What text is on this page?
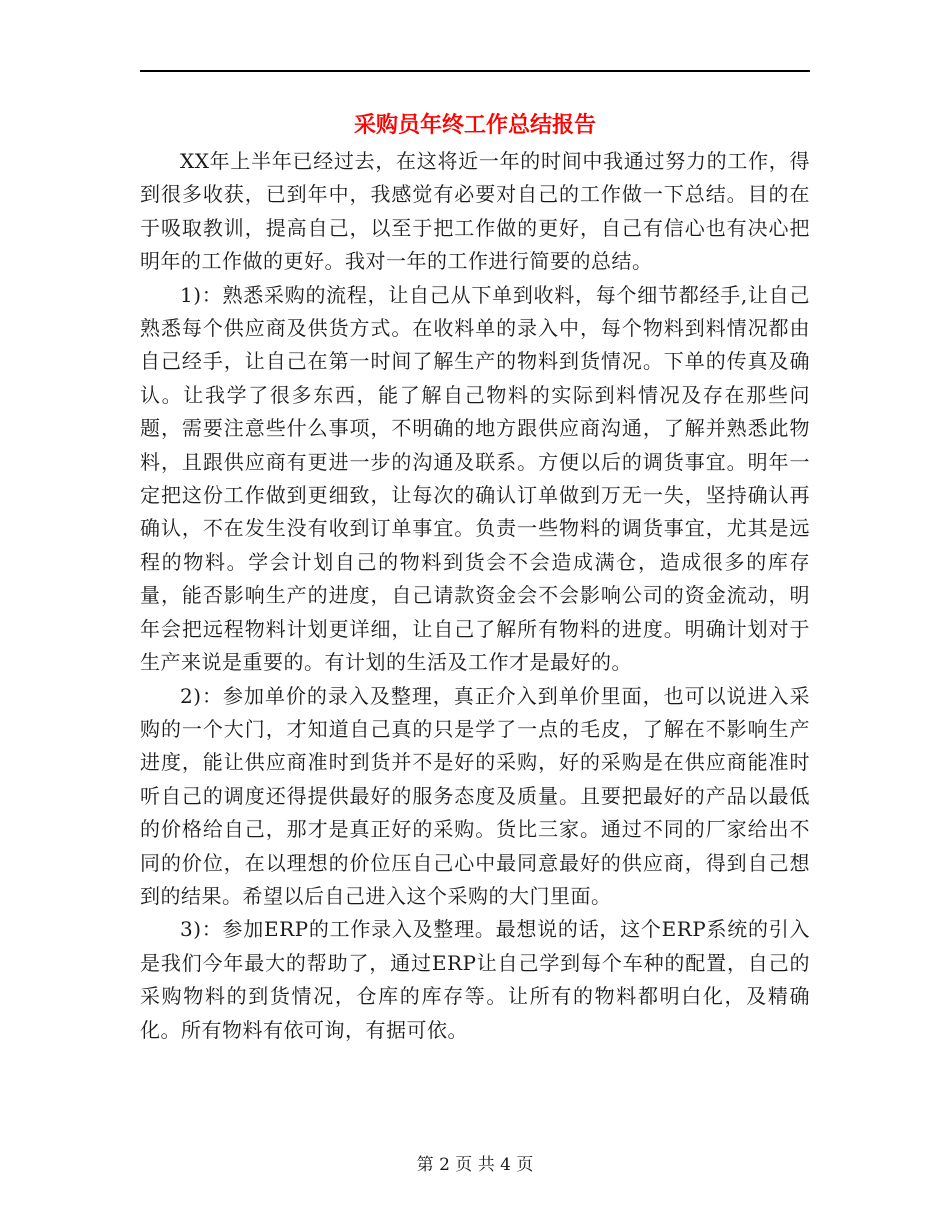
采购员年终工作总结报告

XX年上半年已经过去，在这将近一年的时间中我通过努力的工作，得到很多收获，已到年中，我感觉有必要对自己的工作做一下总结。目的在于吸取教训，提高自己，以至于把工作做的更好，自己有信心也有决心把明年的工作做的更好。我对一年的工作进行简要的总结。

1)：熟悉采购的流程，让自己从下单到收料，每个细节都经手,让自己熟悉每个供应商及供货方式。在收料单的录入中，每个物料到料情况都由自己经手，让自己在第一时间了解生产的物料到货情况。下单的传真及确认。让我学了很多东西，能了解自己物料的实际到料情况及存在那些问题，需要注意些什么事项，不明确的地方跟供应商沟通，了解并熟悉此物料，且跟供应商有更进一步的沟通及联系。方便以后的调货事宜。明年一定把这份工作做到更细致，让每次的确认订单做到万无一失，坚持确认再确认，不在发生没有收到订单事宜。负责一些物料的调货事宜，尤其是远程的物料。学会计划自己的物料到货会不会造成满仓，造成很多的库存量，能否影响生产的进度，自己请款资金会不会影响公司的资金流动，明年会把远程物料计划更详细，让自己了解所有物料的进度。明确计划对于生产来说是重要的。有计划的生活及工作才是最好的。

2)：参加单价的录入及整理，真正介入到单价里面，也可以说进入采购的一个大门，才知道自己真的只是学了一点的毛皮，了解在不影响生产进度，能让供应商准时到货并不是好的采购，好的采购是在供应商能准时听自己的调度还得提供最好的服务态度及质量。且要把最好的产品以最低的价格给自己，那才是真正好的采购。货比三家。通过不同的厂家给出不同的价位，在以理想的价位压自己心中最同意最好的供应商，得到自己想到的结果。希望以后自己进入这个采购的大门里面。

3)：参加ERP的工作录入及整理。最想说的话，这个ERP系统的引入是我们今年最大的帮助了，通过ERP让自己学到每个车种的配置，自己的采购物料的到货情况，仓库的库存等。让所有的物料都明白化，及精确化。所有物料有依可询，有据可依。

第 2 页 共 4 页
